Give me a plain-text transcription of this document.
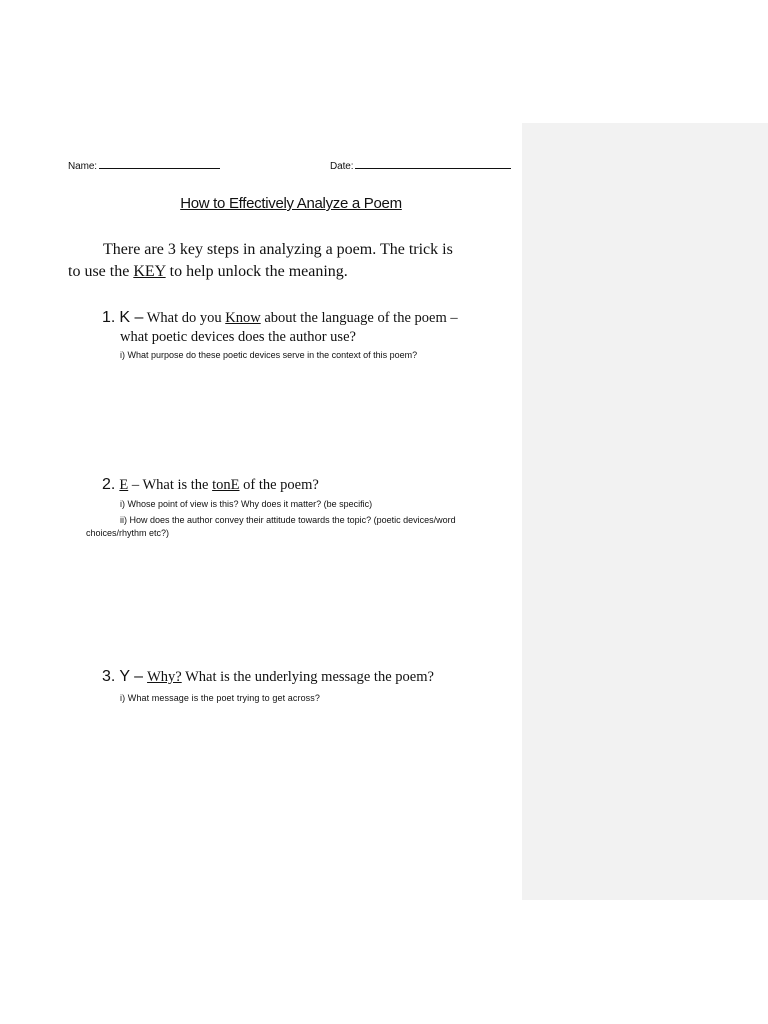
Name:	Date:
How to Effectively Analyze a Poem
There are 3 key steps in analyzing a poem. The trick is
to use the KEY to help unlock the meaning.
1. K – What do you Know about the language of the poem –
what poetic devices does the author use?
i) What purpose do these poetic devices serve in the context of this poem?
2. E – What is the tonE of the poem?
i) Whose point of view is this? Why does it matter? (be specific)
ii) How does the author convey their attitude towards the topic? (poetic devices/word
choices/rhythm etc?)
3. Y – Why? What is the underlying message the poem?
i) What message is the poet trying to get across?
